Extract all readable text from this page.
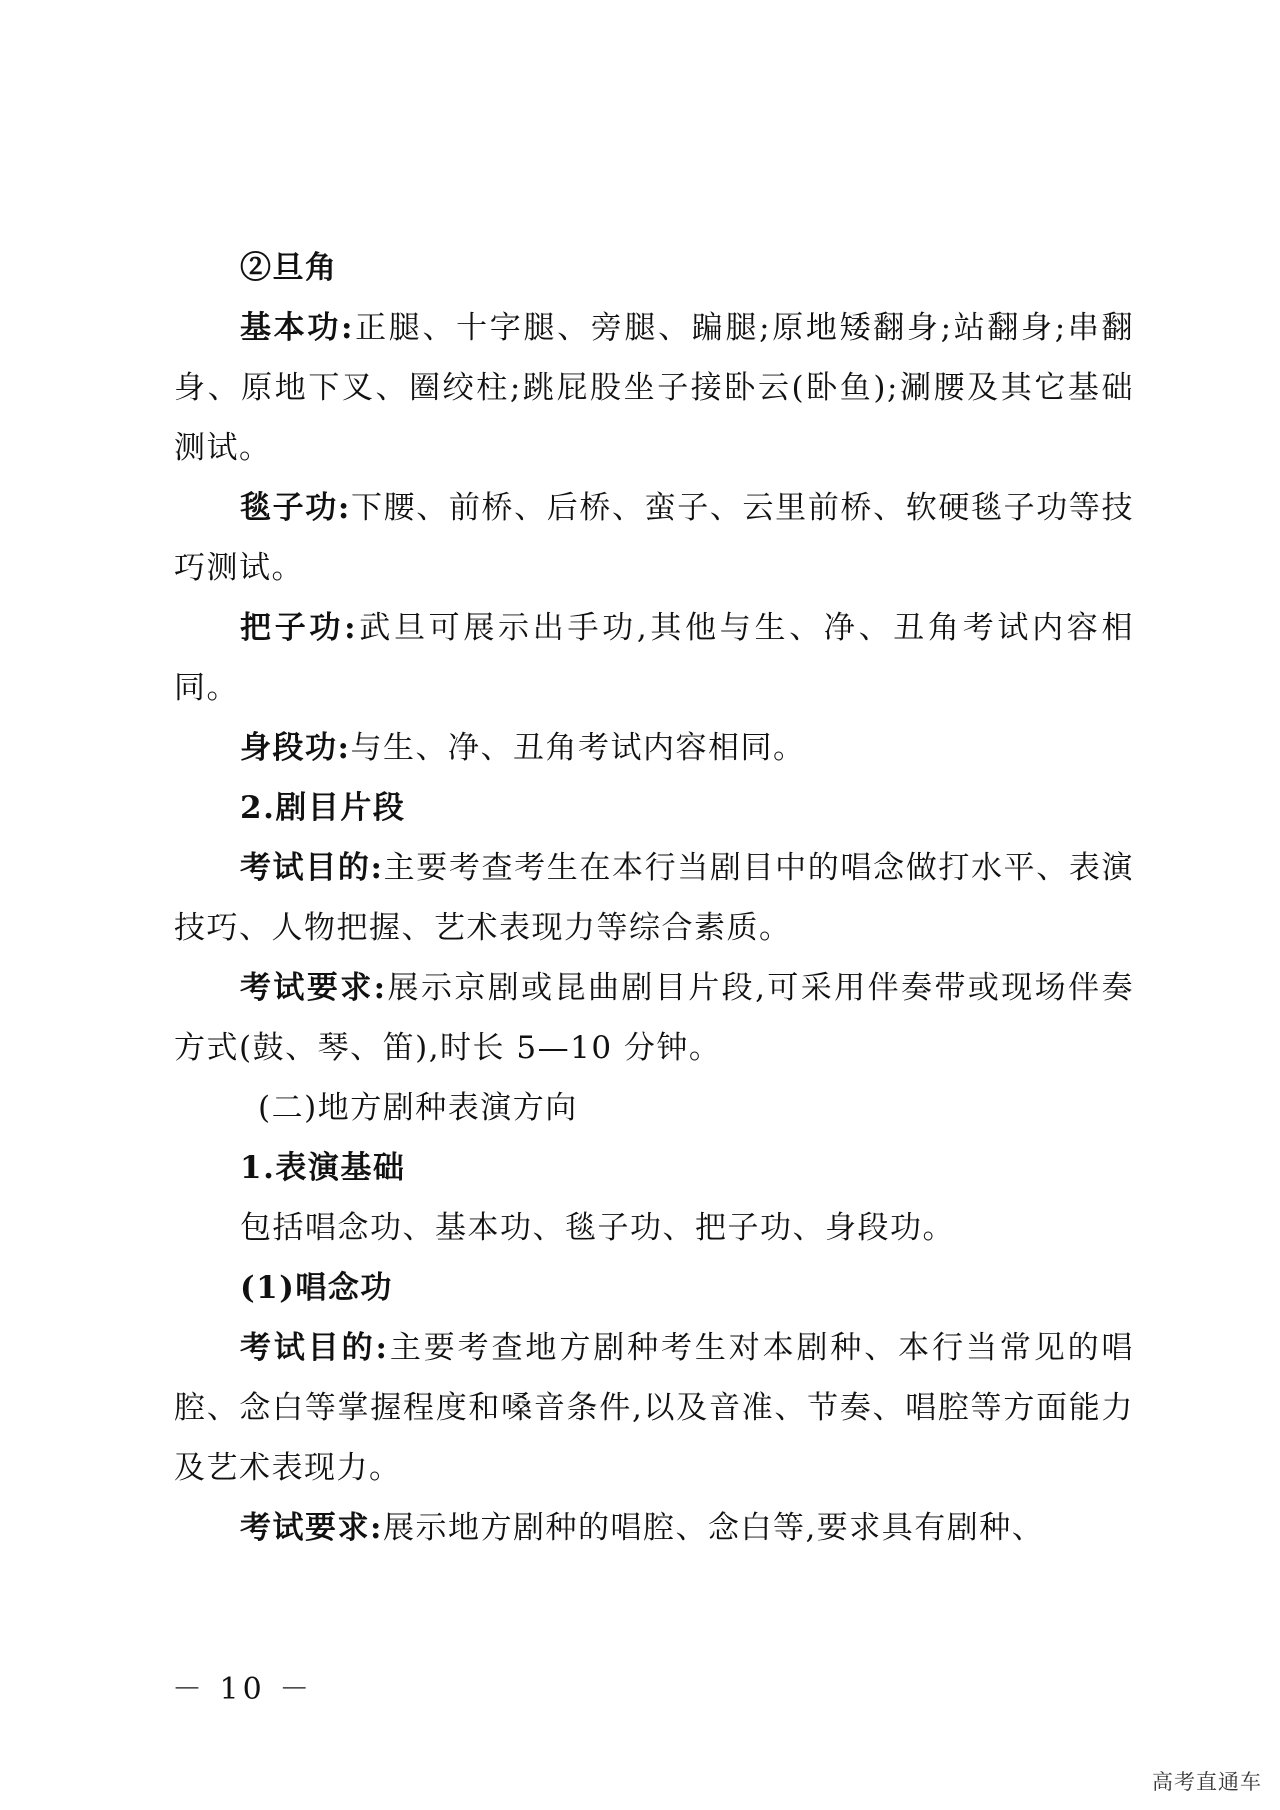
②旦角

基本功:正腿、十字腿、旁腿、蹁腿;原地矮翻身;站翻身;串翻身、原地下叉、圈绞柱;跳屁股坐子接卧云(卧鱼);涮腰及其它基础测试。

毯子功:下腰、前桥、后桥、蛮子、云里前桥、软硬毯子功等技巧测试。

把子功:武旦可展示出手功,其他与生、净、丑角考试内容相同。

身段功:与生、净、丑角考试内容相同。

2.剧目片段

考试目的:主要考查考生在本行当剧目中的唱念做打水平、表演技巧、人物把握、艺术表现力等综合素质。

考试要求:展示京剧或昆曲剧目片段,可采用伴奏带或现场伴奏方式(鼓、琴、笛),时长 5—10 分钟。

(二)地方剧种表演方向

1.表演基础

包括唱念功、基本功、毯子功、把子功、身段功。

(1)唱念功

考试目的:主要考查地方剧种考生对本剧种、本行当常见的唱腔、念白等掌握程度和嗓音条件,以及音准、节奏、唱腔等方面能力及艺术表现力。

考试要求:展示地方剧种的唱腔、念白等,要求具有剧种、

－ 10 －
高考直通车
